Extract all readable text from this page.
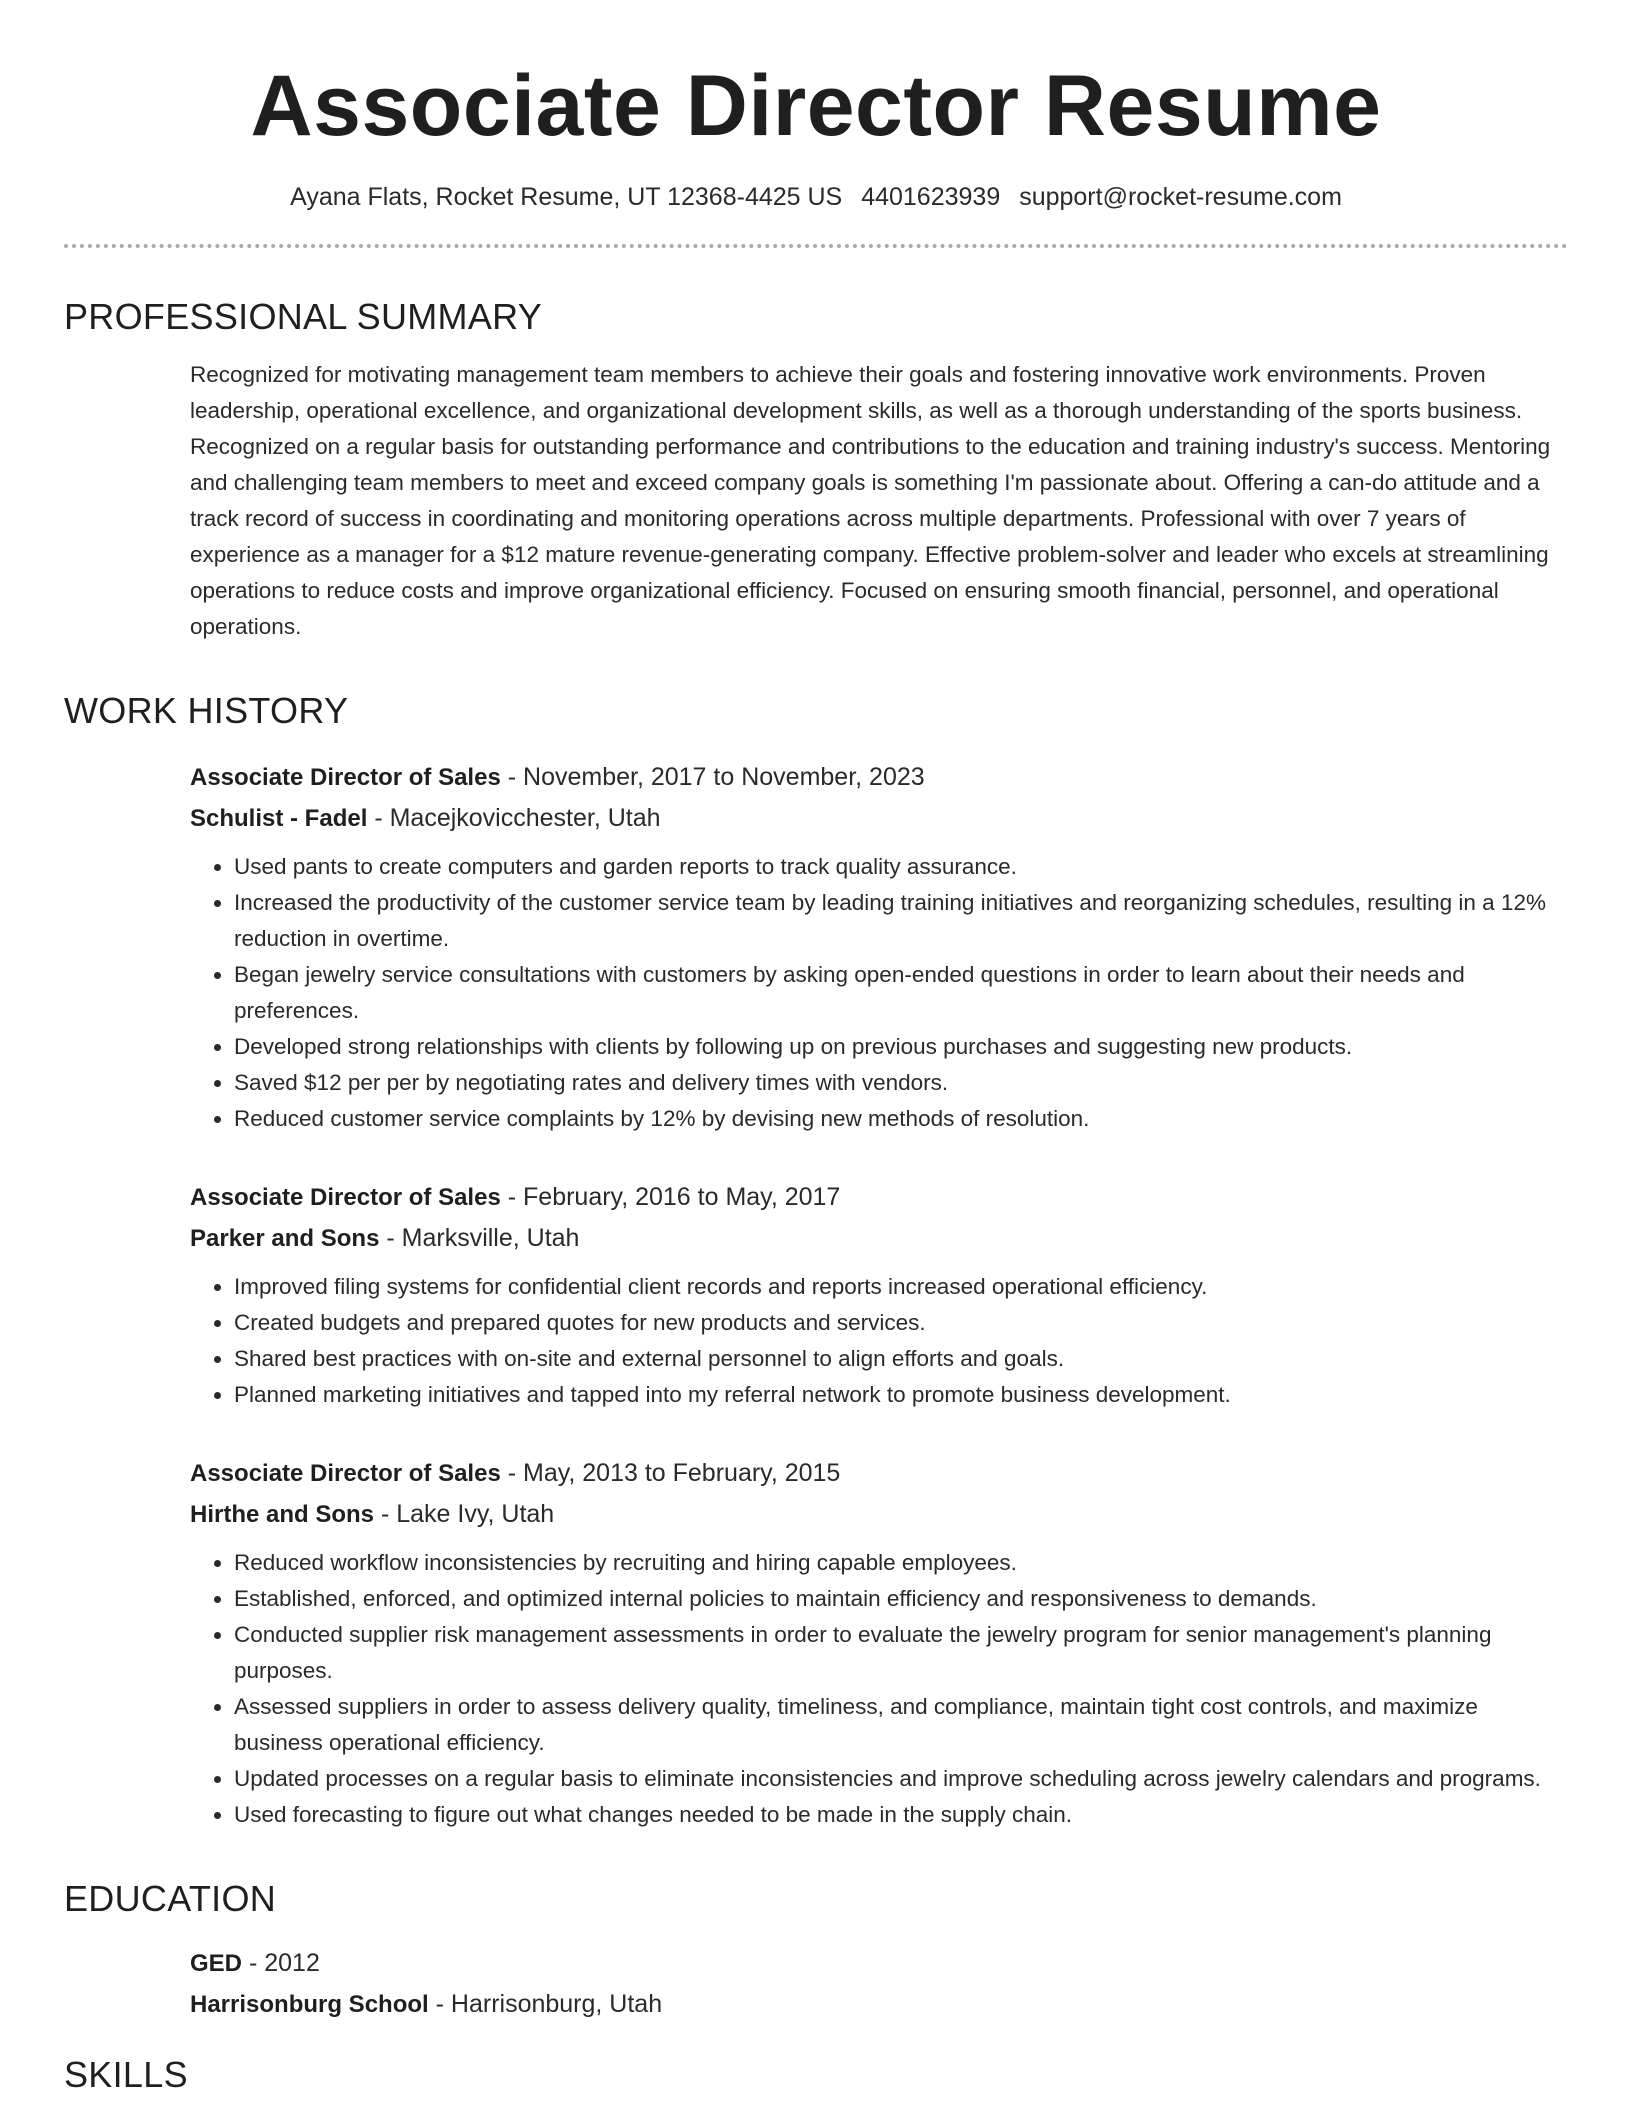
Associate Director Resume
Ayana Flats, Rocket Resume, UT 12368-4425 US 4401623939 support@rocket-resume.com
PROFESSIONAL SUMMARY

Recognized for motivating management team members to achieve their goals and fostering innovative work environments. Proven leadership, operational excellence, and organizational development skills, as well as a thorough understanding of the sports business. Recognized on a regular basis for outstanding performance and contributions to the education and training industry's success. Mentoring and challenging team members to meet and exceed company goals is something I'm passionate about. Offering a can-do attitude and a track record of success in coordinating and monitoring operations across multiple departments. Professional with over 7 years of experience as a manager for a $12 mature revenue-generating company. Effective problem-solver and leader who excels at streamlining operations to reduce costs and improve organizational efficiency. Focused on ensuring smooth financial, personnel, and operational operations.

WORK HISTORY
Associate Director of Sales - November, 2017 to November, 2023
Schulist - Fadel - Macejkovicchester, Utah
• Used pants to create computers and garden reports to track quality assurance.
• Increased the productivity of the customer service team by leading training initiatives and reorganizing schedules, resulting in a 12% reduction in overtime.
• Began jewelry service consultations with customers by asking open-ended questions in order to learn about their needs and preferences.
• Developed strong relationships with clients by following up on previous purchases and suggesting new products.
• Saved $12 per per by negotiating rates and delivery times with vendors.
• Reduced customer service complaints by 12% by devising new methods of resolution.
Associate Director of Sales - February, 2016 to May, 2017
Parker and Sons - Marksville, Utah
• Improved filing systems for confidential client records and reports increased operational efficiency.
• Created budgets and prepared quotes for new products and services.
• Shared best practices with on-site and external personnel to align efforts and goals.
• Planned marketing initiatives and tapped into my referral network to promote business development.
Associate Director of Sales - May, 2013 to February, 2015
Hirthe and Sons - Lake Ivy, Utah
• Reduced workflow inconsistencies by recruiting and hiring capable employees.
• Established, enforced, and optimized internal policies to maintain efficiency and responsiveness to demands.
• Conducted supplier risk management assessments in order to evaluate the jewelry program for senior management's planning purposes.
• Assessed suppliers in order to assess delivery quality, timeliness, and compliance, maintain tight cost controls, and maximize business operational efficiency.
• Updated processes on a regular basis to eliminate inconsistencies and improve scheduling across jewelry calendars and programs.
• Used forecasting to figure out what changes needed to be made in the supply chain.
EDUCATION
GED - 2012
Harrisonburg School - Harrisonburg, Utah
SKILLS
